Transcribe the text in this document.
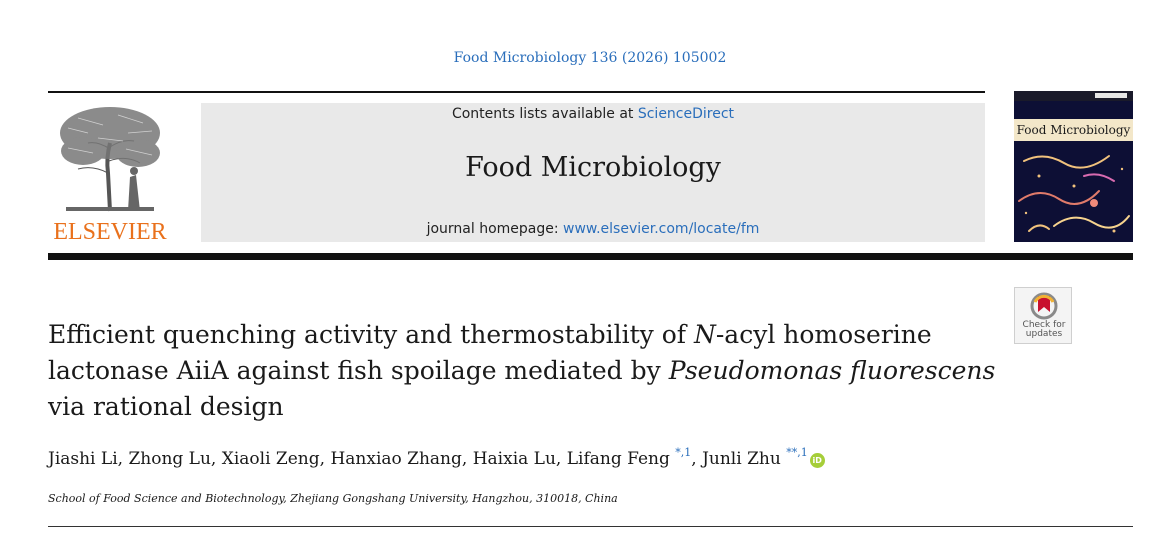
Food Microbiology 136 (2026) 105002
ELSEVIER
Contents lists available at ScienceDirect
Food Microbiology
journal homepage: www.elsevier.com/locate/fm
Food Microbiology
Check for
updates
Efficient quenching activity and thermostability of N-acyl homoserine lactonase AiiA against fish spoilage mediated by Pseudomonas fluorescens via rational design
Jiashi Li, Zhong Lu, Xiaoli Zeng, Hanxiao Zhang, Haixia Lu, Lifang Feng $^{*,1}$, Junli Zhu $^{**,1}$iD
School of Food Science and Biotechnology, Zhejiang Gongshang University, Hangzhou, 310018, China
